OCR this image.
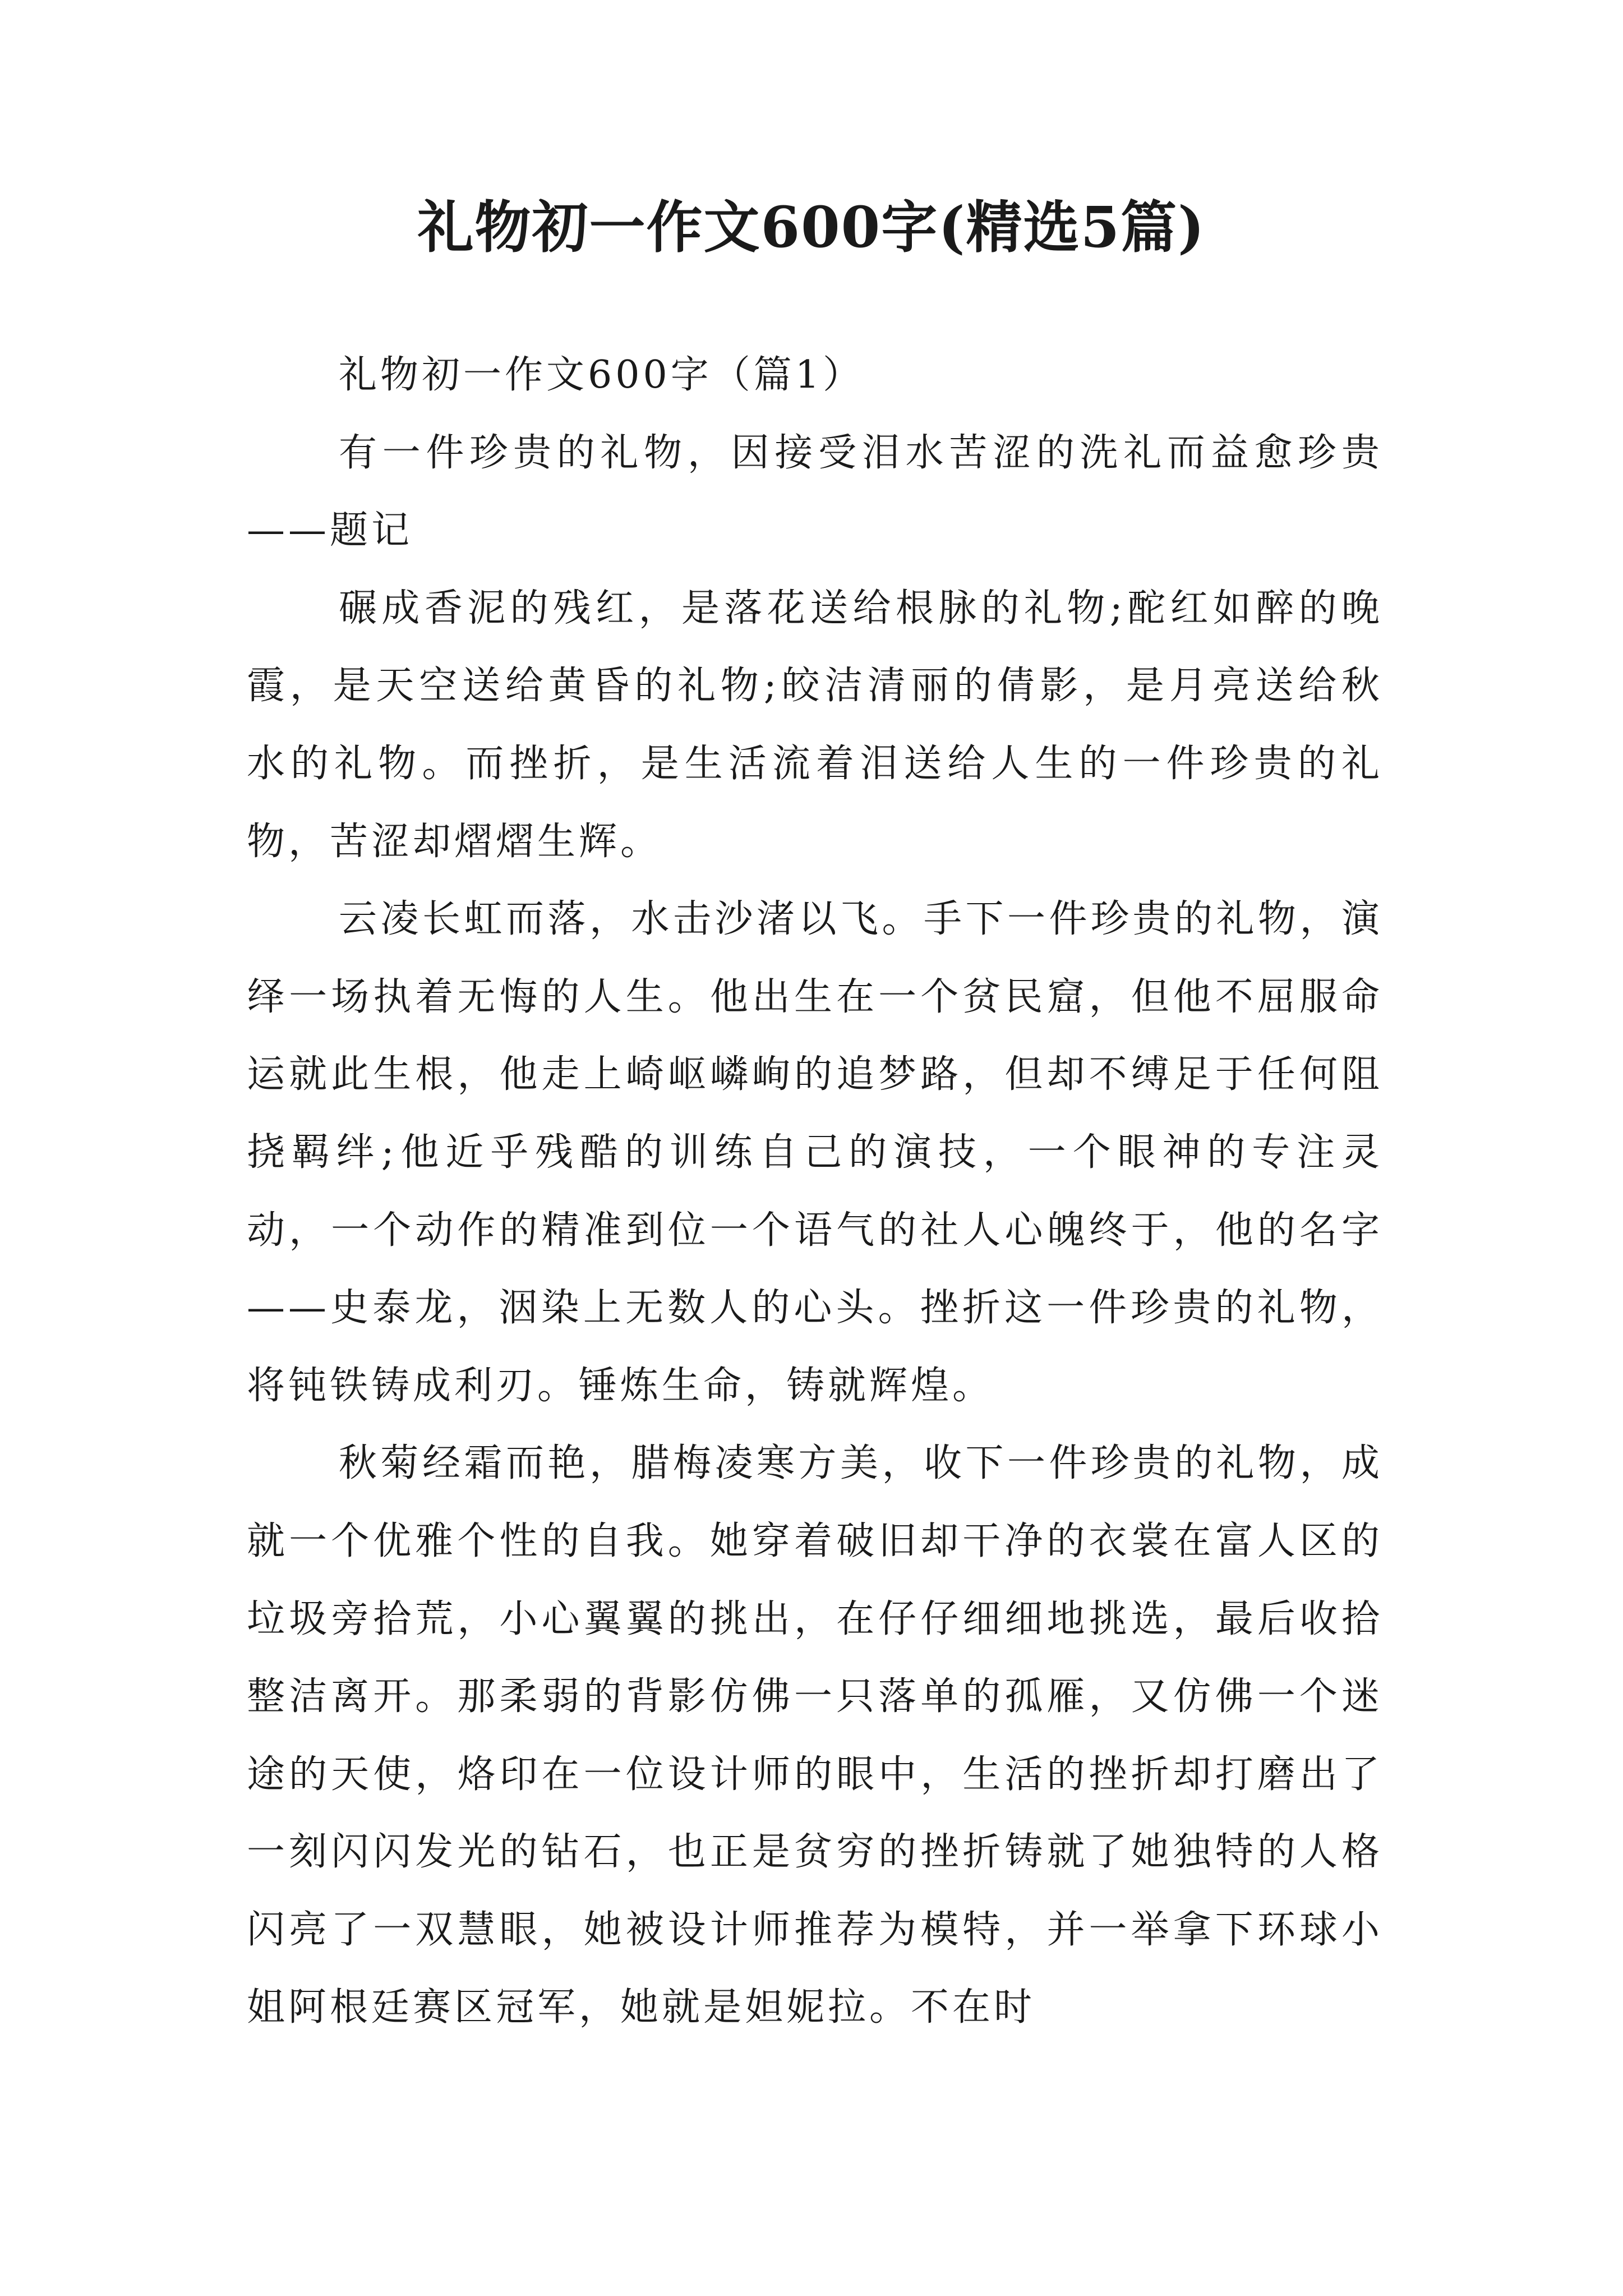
礼物初一作文600字(精选5篇)

礼物初一作文600字（篇1）

有一件珍贵的礼物，因接受泪水苦涩的洗礼而益愈珍贵——题记

碾成香泥的残红，是落花送给根脉的礼物;酡红如醉的晚霞，是天空送给黄昏的礼物;皎洁清丽的倩影，是月亮送给秋水的礼物。而挫折，是生活流着泪送给人生的一件珍贵的礼物，苦涩却熠熠生辉。

云凌长虹而落，水击沙渚以飞。手下一件珍贵的礼物，演绎一场执着无悔的人生。他出生在一个贫民窟，但他不屈服命运就此生根，他走上崎岖嶙峋的追梦路，但却不缚足于任何阻挠羁绊;他近乎残酷的训练自己的演技，一个眼神的专注灵动，一个动作的精准到位一个语气的社人心魄终于，他的名字——史泰龙，洇染上无数人的心头。挫折这一件珍贵的礼物，将钝铁铸成利刃。锤炼生命，铸就辉煌。

秋菊经霜而艳，腊梅凌寒方美，收下一件珍贵的礼物，成就一个优雅个性的自我。她穿着破旧却干净的衣裳在富人区的垃圾旁拾荒，小心翼翼的挑出，在仔仔细细地挑选，最后收拾整洁离开。那柔弱的背影仿佛一只落单的孤雁，又仿佛一个迷途的天使，烙印在一位设计师的眼中，生活的挫折却打磨出了一刻闪闪发光的钻石，也正是贫穷的挫折铸就了她独特的人格闪亮了一双慧眼，她被设计师推荐为模特，并一举拿下环球小姐阿根廷赛区冠军，她就是妲妮拉。不在时
